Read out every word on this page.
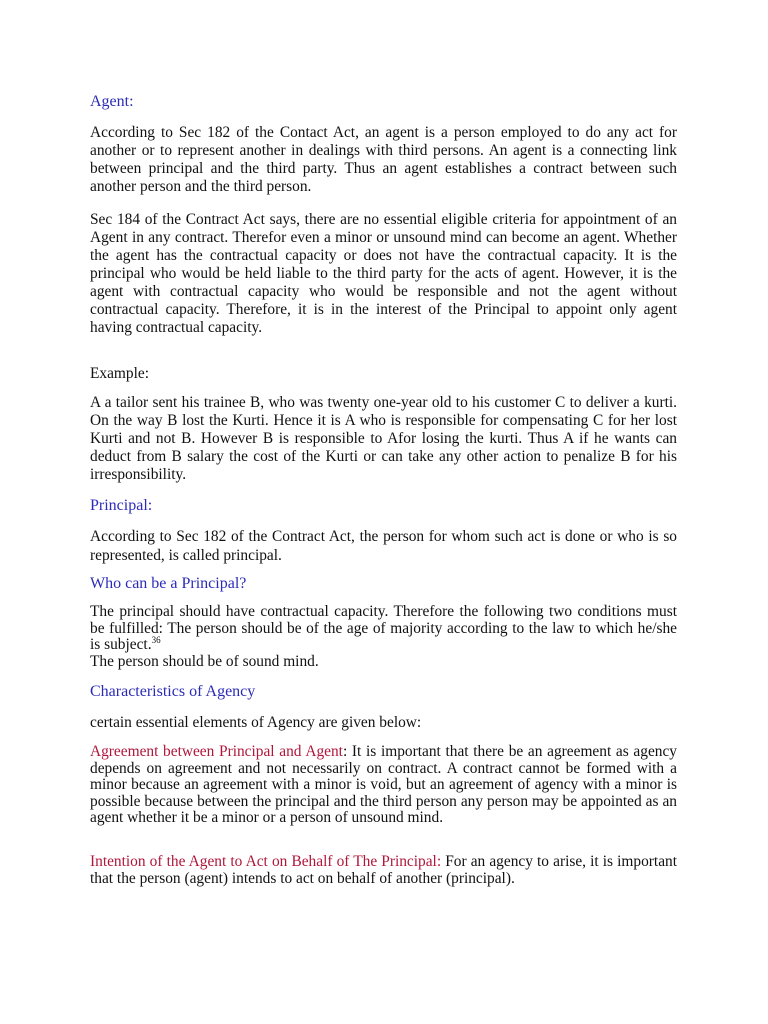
Agent:

According to Sec 182 of the Contact Act, an agent is a person employed to do any act for another or to represent another in dealings with third persons. An agent is a connecting link between principal and the third party. Thus an agent establishes a contract between such another person and the third person.

Sec 184 of the Contract Act says, there are no essential eligible criteria for appointment of an Agent in any contract. Therefor even a minor or unsound mind can become an agent. Whether the agent has the contractual capacity or does not have the contractual capacity. It is the principal who would be held liable to the third party for the acts of agent. However, it is the agent with contractual capacity who would be responsible and not the agent without contractual capacity. Therefore, it is in the interest of the Principal to appoint only agent having contractual capacity.

Example:

A a tailor sent his trainee B, who was twenty one-year old to his customer C to deliver a kurti. On the way B lost the Kurti. Hence it is A who is responsible for compensating C for her lost Kurti and not B. However B is responsible to Afor losing the kurti. Thus A if he wants can deduct from B salary the cost of the Kurti or can take any other action to penalize B for his irresponsibility.

Principal:

According to Sec 182 of the Contract Act, the person for whom such act is done or who is so represented, is called principal.

Who can be a Principal?

The principal should have contractual capacity. Therefore the following two conditions must be fulfilled: The person should be of the age of majority according to the law to which he/she is subject.$^{36}$
The person should be of sound mind.

Characteristics of Agency

certain essential elements of Agency are given below:

Agreement between Principal and Agent: It is important that there be an agreement as agency depends on agreement and not necessarily on contract. A contract cannot be formed with a minor because an agreement with a minor is void, but an agreement of agency with a minor is possible because between the principal and the third person any person may be appointed as an agent whether it be a minor or a person of unsound mind.

Intention of the Agent to Act on Behalf of The Principal: For an agency to arise, it is important that the person (agent) intends to act on behalf of another (principal).
